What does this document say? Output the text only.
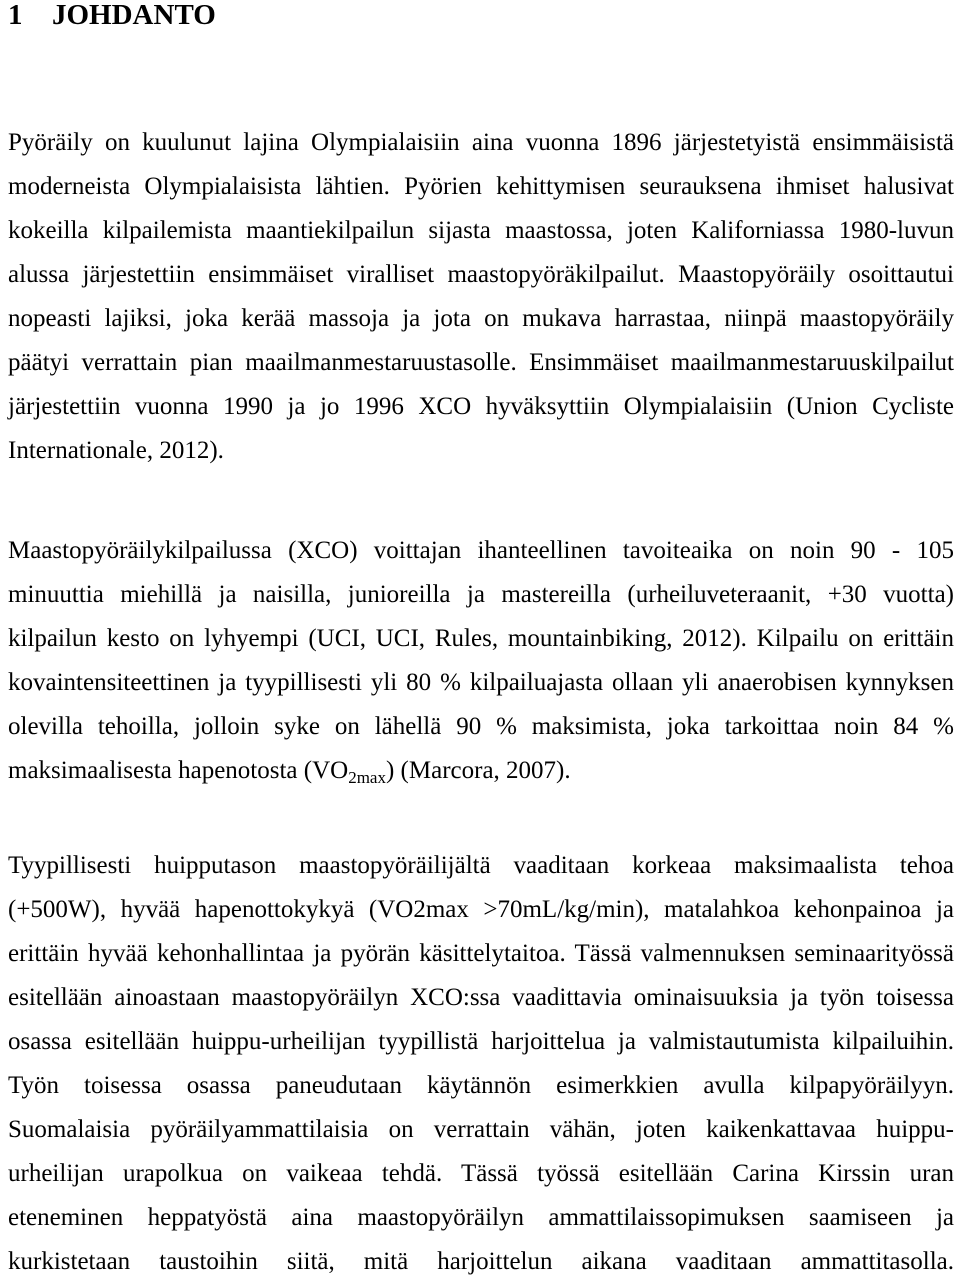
1 JOHDANTO
Pyöräily on kuulunut lajina Olympialaisiin aina vuonna 1896 järjestetyistä ensimmäisistä
moderneista Olympialaisista lähtien. Pyörien kehittymisen seurauksena ihmiset halusivat
kokeilla kilpailemista maantiekilpailun sijasta maastossa, joten Kaliforniassa 1980-luvun
alussa järjestettiin ensimmäiset viralliset maastopyöräkilpailut. Maastopyöräily osoittautui
nopeasti lajiksi, joka kerää massoja ja jota on mukava harrastaa, niinpä maastopyöräily
päätyi verrattain pian maailmanmestaruustasolle. Ensimmäiset maailmanmestaruuskilpailut
järjestettiin vuonna 1990 ja jo 1996 XCO hyväksyttiin Olympialaisiin (Union Cycliste
Internationale, 2012).
Maastopyöräilykilpailussa (XCO) voittajan ihanteellinen tavoiteaika on noin 90 - 105
minuuttia miehillä ja naisilla, junioreilla ja mastereilla (urheiluveteraanit, +30 vuotta)
kilpailun kesto on lyhyempi (UCI, UCI, Rules, mountainbiking, 2012). Kilpailu on erittäin
kovaintensiteettinen ja tyypillisesti yli 80 % kilpailuajasta ollaan yli anaerobisen kynnyksen
olevilla tehoilla, jolloin syke on lähellä 90 % maksimista, joka tarkoittaa noin 84 %
maksimaalisesta hapenotosta $(VO_{2max})$ (Marcora, 2007).
Tyypillisesti huipputason maastopyöräilijältä vaaditaan korkeaa maksimaalista tehoa
(+500W), hyvää hapenottokykyä (VO2max >70mL/kg/min), matalahkoa kehonpainoa ja
erittäin hyvää kehonhallintaa ja pyörän käsittelytaitoa. Tässä valmennuksen seminaarityössä
esitellään ainoastaan maastopyöräilyn XCO:ssa vaadittavia ominaisuuksia ja työn toisessa
osassa esitellään huippu-urheilijan tyypillistä harjoittelua ja valmistautumista kilpailuihin.
Työn toisessa osassa paneudutaan käytännön esimerkkien avulla kilpapyöräilyyn.
Suomalaisia pyöräilyammattilaisia on verrattain vähän, joten kaikenkattavaa huippu-
urheilijan urapolkua on vaikeaa tehdä. Tässä työssä esitellään Carina Kirssin uran
eteneminen heppatyöstä aina maastopyöräilyn ammattilaissopimuksen saamiseen ja
kurkistetaan taustoihin siitä, mitä harjoittelun aikana vaaditaan ammattitasolla.
